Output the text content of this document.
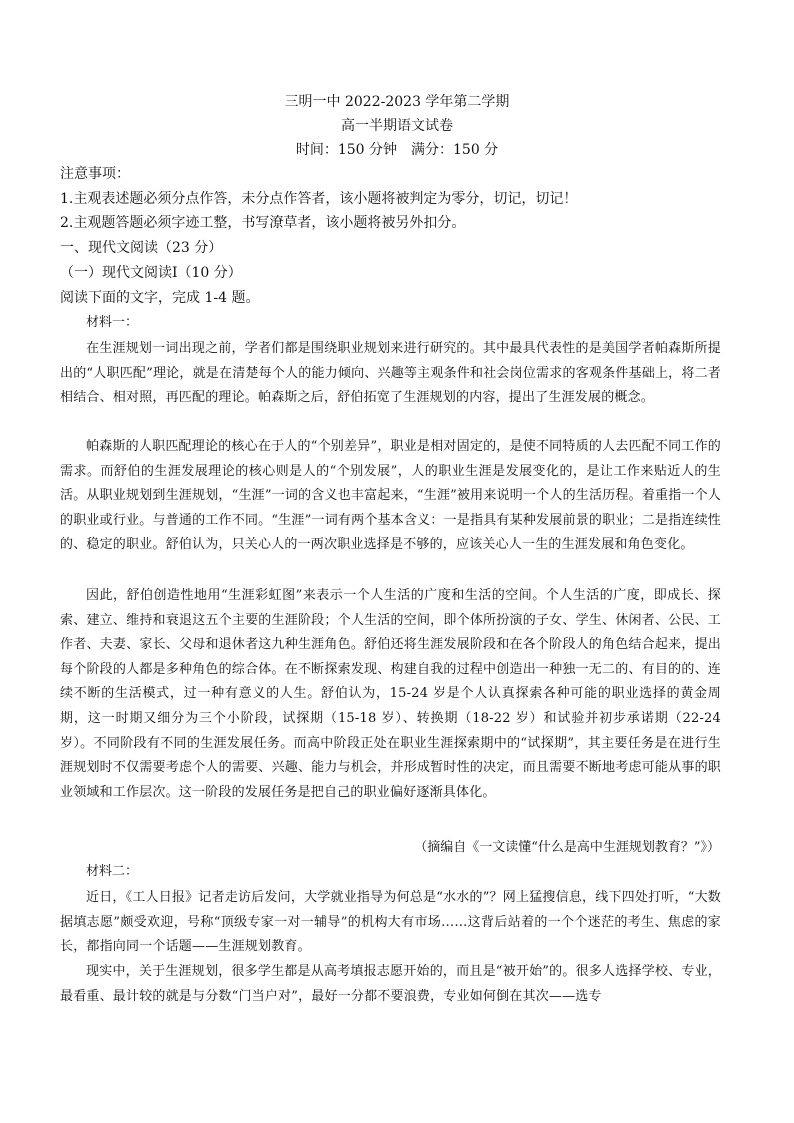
三明一中 2022-2023 学年第二学期
高一半期语文试卷
时间：150 分钟　满分：150 分
注意事项：
1.主观表述题必须分点作答，未分点作答者，该小题将被判定为零分，切记，切记！
2.主观题答题必须字迹工整，书写潦草者，该小题将被另外扣分。
一、现代文阅读（23 分）
（一）现代文阅读Ⅰ（10 分）
阅读下面的文字，完成 1-4 题。
材料一：
在生涯规划一词出现之前，学者们都是围绕职业规划来进行研究的。其中最具代表性的是美国学者帕森斯所提出的“人职匹配”理论，就是在清楚每个人的能力倾向、兴趣等主观条件和社会岗位需求的客观条件基础上，将二者相结合、相对照，再匹配的理论。帕森斯之后，舒伯拓宽了生涯规划的内容，提出了生涯发展的概念。
帕森斯的人职匹配理论的核心在于人的“个别差异”，职业是相对固定的，是使不同特质的人去匹配不同工作的需求。而舒伯的生涯发展理论的核心则是人的“个别发展”，人的职业生涯是发展变化的，是让工作来贴近人的生活。从职业规划到生涯规划，“生涯”一词的含义也丰富起来，“生涯”被用来说明一个人的生活历程。着重指一个人的职业或行业。与普通的工作不同。“生涯”一词有两个基本含义：一是指具有某种发展前景的职业；二是指连续性的、稳定的职业。舒伯认为，只关心人的一两次职业选择是不够的，应该关心人一生的生涯发展和角色变化。
因此，舒伯创造性地用“生涯彩虹图”来表示一个人生活的广度和生活的空间。个人生活的广度，即成长、探索、建立、维持和衰退这五个主要的生涯阶段；个人生活的空间，即个体所扮演的子女、学生、休闲者、公民、工作者、夫妻、家长、父母和退休者这九种生涯角色。舒伯还将生涯发展阶段和在各个阶段人的角色结合起来，提出每个阶段的人都是多种角色的综合体。在不断探索发现、构建自我的过程中创造出一种独一无二的、有目的的、连续不断的生活模式，过一种有意义的人生。舒伯认为，15-24 岁是个人认真探索各种可能的职业选择的黄金周期，这一时期又细分为三个小阶段，试探期（15-18 岁）、转换期（18-22 岁）和试验并初步承诺期（22-24 岁）。不同阶段有不同的生涯发展任务。而高中阶段正处在职业生涯探索期中的“试探期”，其主要任务是在进行生涯规划时不仅需要考虑个人的需要、兴趣、能力与机会，并形成暂时性的决定，而且需要不断地考虑可能从事的职业领域和工作层次。这一阶段的发展任务是把自己的职业偏好逐渐具体化。
（摘编自《一文读懂“什么是高中生涯规划教育？”》）
材料二：
近日，《工人日报》记者走访后发问，大学就业指导为何总是“水水的”？网上猛搜信息，线下四处打听，“大数据填志愿”颇受欢迎，号称“顶级专家一对一辅导”的机构大有市场……这背后站着的一个个迷茫的考生、焦虑的家长，都指向同一个话题——生涯规划教育。
现实中，关于生涯规划，很多学生都是从高考填报志愿开始的，而且是“被开始”的。很多人选择学校、专业，最看重、最计较的就是与分数“门当户对”，最好一分都不要浪费，专业如何倒在其次——选专
